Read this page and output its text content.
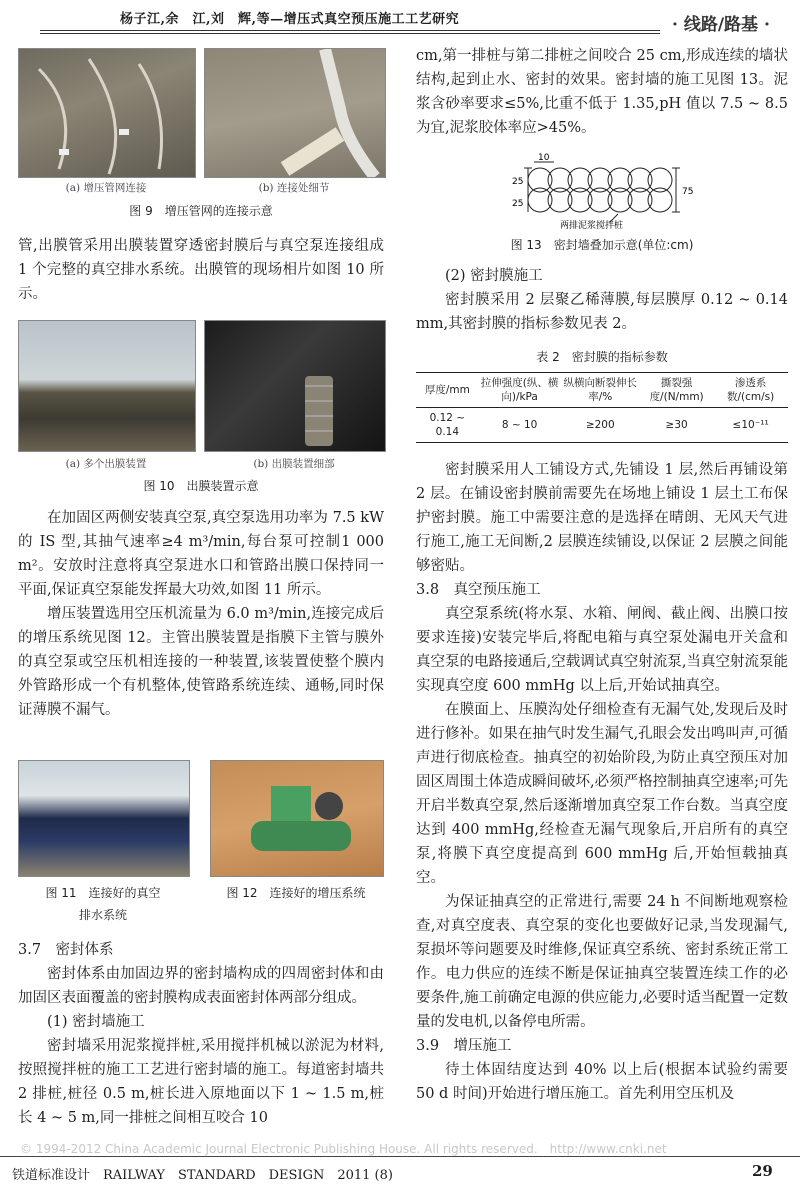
杨子江,余　江,刘　辉,等—增压式真空预压施工工艺研究	· 线路/路基 ·
(a) 增压管网连接	(b) 连接处细节
图 9　增压管网的连接示意

管,出膜管采用出膜装置穿透密封膜后与真空泵连接组成 1 个完整的真空排水系统。出膜管的现场相片如图 10 所示。

(a) 多个出膜装置	(b) 出膜装置细部
图 10　出膜装置示意

在加固区两侧安装真空泵,真空泵选用功率为 7.5 kW 的 IS 型,其抽气速率≥4 m³/min,每台泵可控制1 000 m²。安放时注意将真空泵进水口和管路出膜口保持同一平面,保证真空泵能发挥最大功效,如图 11 所示。

增压装置选用空压机流量为 6.0 m³/min,连接完成后的增压系统见图 12。主管出膜装置是指膜下主管与膜外的真空泵或空压机相连接的一种装置,该装置使整个膜内外管路形成一个有机整体,使管路系统连续、通畅,同时保证薄膜不漏气。

图 11　连接好的真空
排水系统
图 12　连接好的增压系统
3.7　密封体系

密封体系由加固边界的密封墙构成的四周密封体和由加固区表面覆盖的密封膜构成表面密封体两部分组成。

(1) 密封墙施工

密封墙采用泥浆搅拌桩,采用搅拌机械以淤泥为材料,按照搅拌桩的施工工艺进行密封墙的施工。每道密封墙共 2 排桩,桩径 0.5 m,桩长进入原地面以下 1 ~ 1.5 m,桩长 4 ~ 5 m,同一排桩之间相互咬合 10

cm,第一排桩与第二排桩之间咬合 25 cm,形成连续的墙状结构,起到止水、密封的效果。密封墙的施工见图 13。泥浆含砂率要求≤5%,比重不低于 1.35,pH 值以 7.5 ~ 8.5 为宜,泥浆胶体率应>45%。

10
25
25
75
两排泥浆搅拌桩
图 13　密封墙叠加示意(单位:cm)
(2) 密封膜施工

密封膜采用 2 层聚乙稀薄膜,每层膜厚 0.12 ~ 0.14 mm,其密封膜的指标参数见表 2。

表 2　密封膜的指标参数
厚度/mm	拉伸强度(纵、横向)/kPa	纵横向断裂伸长率/%	撕裂强度/(N/mm)	渗透系数/(cm/s)
0.12 ~ 0.14	8 ~ 10	≥200	≥30	≤10⁻¹¹

密封膜采用人工铺设方式,先铺设 1 层,然后再铺设第 2 层。在铺设密封膜前需要先在场地上铺设 1 层土工布保护密封膜。施工中需要注意的是选择在晴朗、无风天气进行施工,施工无间断,2 层膜连续铺设,以保证 2 层膜之间能够密贴。

3.8　真空预压施工

真空泵系统(将水泵、水箱、闸阀、截止阀、出膜口按要求连接)安装完毕后,将配电箱与真空泵处漏电开关盒和真空泵的电路接通后,空载调试真空射流泵,当真空射流泵能实现真空度 600 mmHg 以上后,开始试抽真空。

在膜面上、压膜沟处仔细检查有无漏气处,发现后及时进行修补。如果在抽气时发生漏气,孔眼会发出鸣叫声,可循声进行彻底检查。抽真空的初始阶段,为防止真空预压对加固区周围土体造成瞬间破坏,必须严格控制抽真空速率;可先开启半数真空泵,然后逐渐增加真空泵工作台数。当真空度达到 400 mmHg,经检查无漏气现象后,开启所有的真空泵,将膜下真空度提高到 600 mmHg 后,开始恒载抽真空。

为保证抽真空的正常进行,需要 24 h 不间断地观察检查,对真空度表、真空泵的变化也要做好记录,当发现漏气,泵损坏等问题要及时维修,保证真空系统、密封系统正常工作。电力供应的连续不断是保证抽真空装置连续工作的必要条件,施工前确定电源的供应能力,必要时适当配置一定数量的发电机,以备停电所需。

3.9　增压施工

待土体固结度达到 40% 以上后(根据本试验约需要 50 d 时间)开始进行增压施工。首先利用空压机及

© 1994-2012 China Academic Journal Electronic Publishing House. All rights reserved.　http://www.cnki.net
铁道标准设计　RAILWAY　STANDARD　DESIGN　2011 (8)	29
